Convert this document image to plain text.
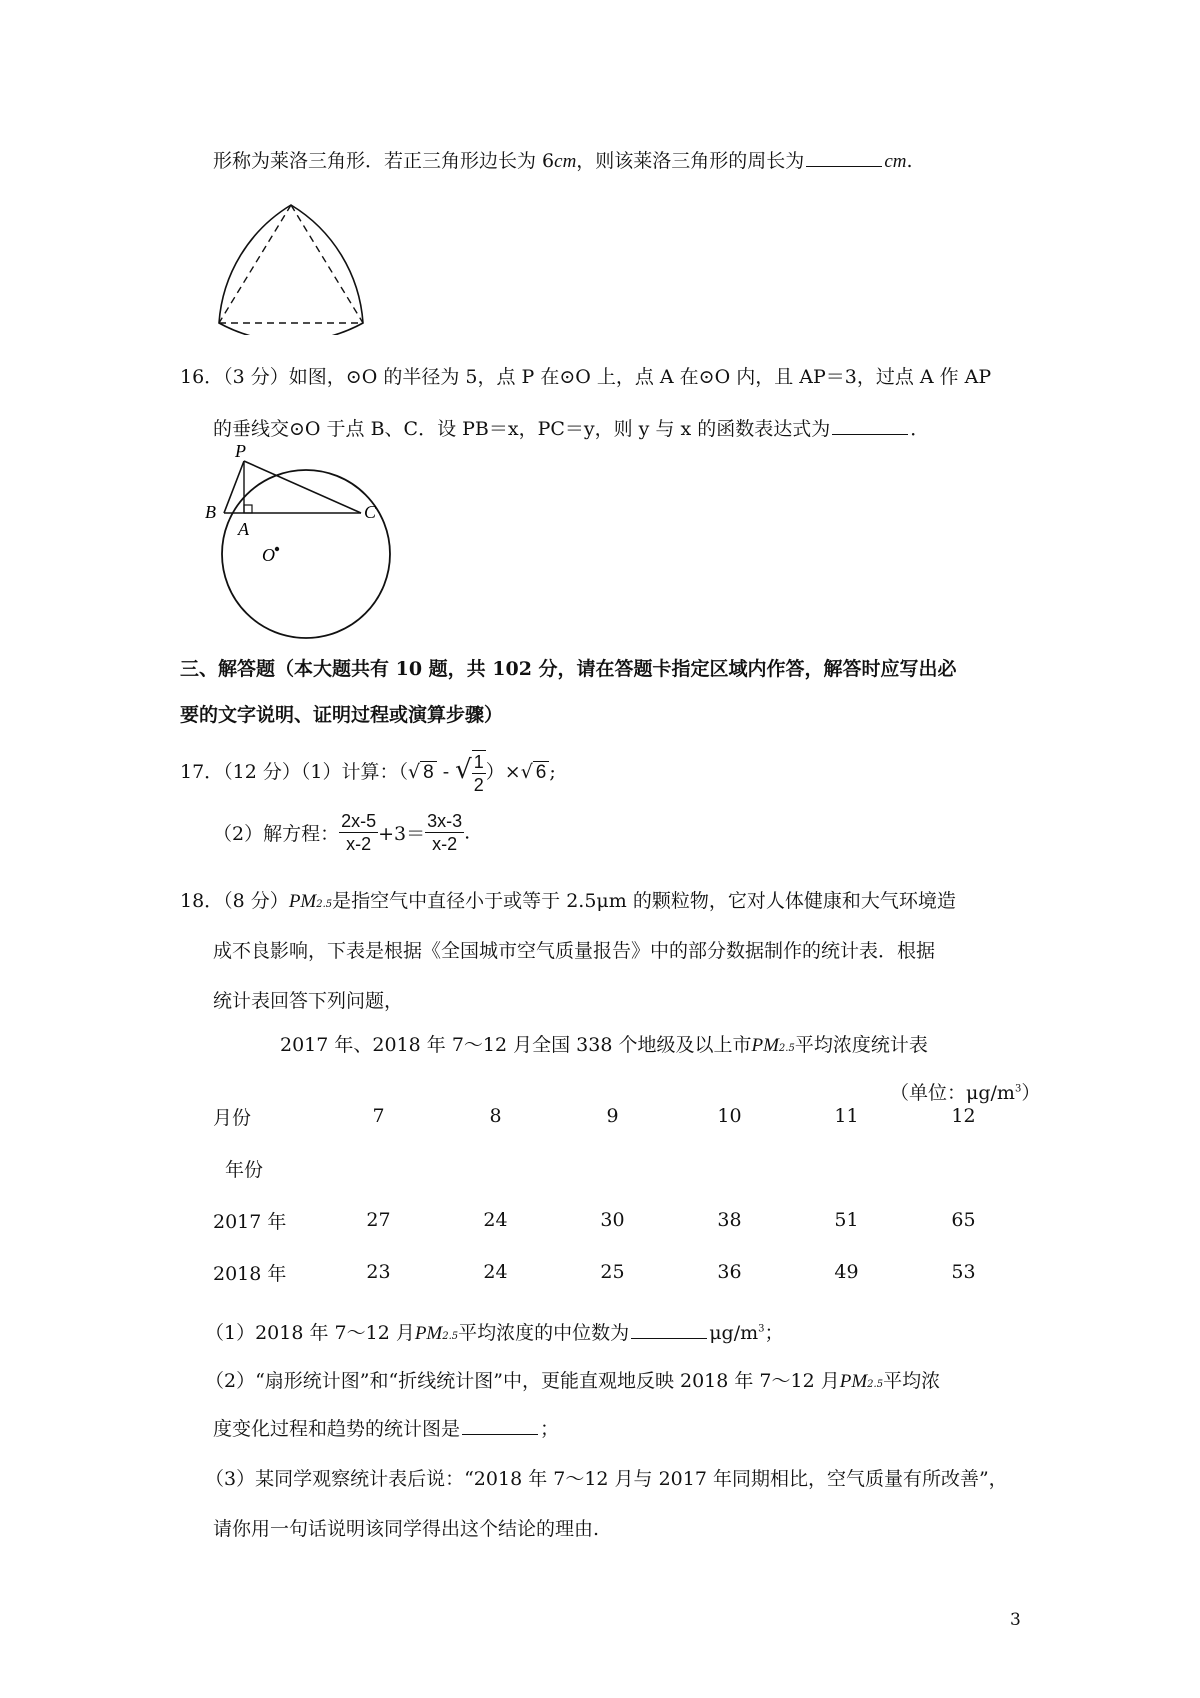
形称为莱洛三角形．若正三角形边长为 6cm，则该莱洛三角形的周长为	cm.
16．（3 分）如图，⊙O 的半径为 5，点 P 在⊙O 上，点 A 在⊙O 内，且 AP＝3，过点 A 作 AP
的垂线交⊙O 于点 B、C．设 PB＝x，PC＝y，则 y 与 x 的函数表达式为	．
P
B
A
C
O
三、解答题（本大题共有 10 题，共 102 分，请在答题卡指定区域内作答，解答时应写出必
要的文字说明、证明过程或演算步骤）
17．（12 分）（1）计算：（√ 8 - √ $\frac{1}{2}$ ）×√ 6 ;
（2）解方程： $\frac{2x-5}{x-2} +3= \frac{3x-3}{x-2}$ .
18．（8 分）PM2.5是指空气中直径小于或等于 2.5μm 的颗粒物，它对人体健康和大气环境造
成不良影响，下表是根据《全国城市空气质量报告》中的部分数据制作的统计表．根据
统计表回答下列问题，
2017 年、2018 年 7～12 月全国 338 个地级及以上市PM2.5平均浓度统计表
（单位：$\mu g/m^3$）
月份	7	8	9	10	11	12
年份						
2017 年	27	24	30	38	51	65
2018 年	23	24	25	36	49	53
（1）2018 年 7～12 月PM2.5平均浓度的中位数为	$\mu g/m^3$；
（2）“扇形统计图”和“折线统计图”中，更能直观地反映 2018 年 7～12 月PM2.5平均浓
度变化过程和趋势的统计图是	；
（3）某同学观察统计表后说：“2018 年 7～12 月与 2017 年同期相比，空气质量有所改善”，
请你用一句话说明该同学得出这个结论的理由.
3
